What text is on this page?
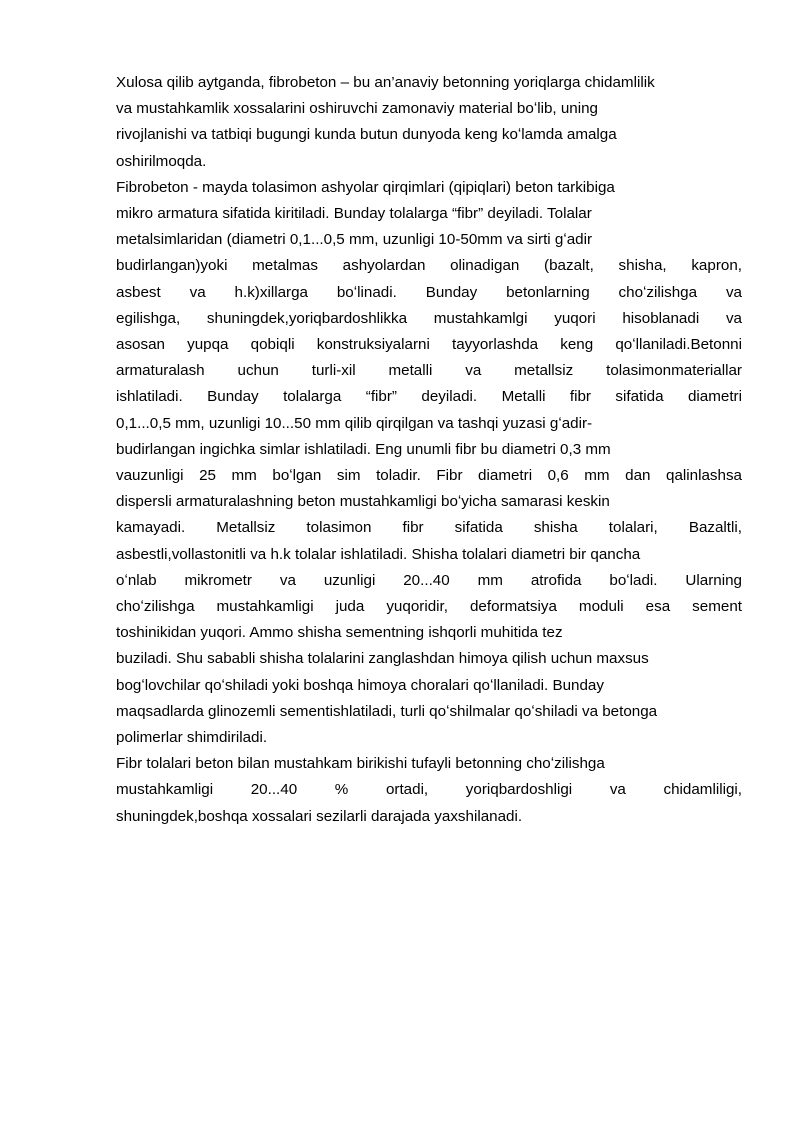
Xulosa qilib aytganda, fibrobeton – bu an’anaviy betonning yoriqlarga chidamlilik
va mustahkamlik xossalarini oshiruvchi zamonaviy material boʻlib, uning
rivojlanishi va tatbiqi bugungi kunda butun dunyoda keng koʻlamda amalga
oshirilmoqda.
Fibrobeton - mayda tolasimon ashyolar qirqimlari (qipiqlari) beton tarkibiga
mikro armatura sifatida kiritiladi. Bunday tolalarga “fibr” deyiladi. Tolalar
metalsimlaridan (diametri 0,1...0,5 mm, uzunligi 10-50mm va sirti gʻadir
budirlangan)yoki metalmas ashyolardan olinadigan (bazalt, shisha, kapron,
asbest va h.k)xillarga boʻlinadi. Bunday betonlarning choʻzilishga va
egilishga, shuningdek,yoriqbardoshlikka mustahkamlgi yuqori hisoblanadi va
asosan yupqa qobiqli konstruksiyalarni tayyorlashda keng qoʻllaniladi.Betonni
armaturalash uchun turli-xil metalli va metallsiz tolasimonmateriallar
ishlatiladi. Bunday tolalarga “fibr” deyiladi. Metalli fibr sifatida diametri
0,1...0,5 mm, uzunligi 10...50 mm qilib qirqilgan va tashqi yuzasi gʻadir-
budirlangan ingichka simlar ishlatiladi. Eng unumli fibr bu diametri 0,3 mm
vauzunligi 25 mm boʻlgan sim toladir. Fibr diametri 0,6 mm dan qalinlashsa
dispersli armaturalashning beton mustahkamligi boʻyicha samarasi keskin
kamayadi. Metallsiz tolasimon fibr sifatida shisha tolalari, Bazaltli,
asbestli,vollastonitli va h.k tolalar ishlatiladi. Shisha tolalari diametri bir qancha
oʻnlab mikrometr va uzunligi 20...40 mm atrofida boʻladi. Ularning
choʻzilishga mustahkamligi juda yuqoridir, deformatsiya moduli esa sement
toshinikidan yuqori. Ammo shisha sementning ishqorli muhitida tez
buziladi. Shu sababli shisha tolalarini zanglashdan himoya qilish uchun maxsus
bogʻlovchilar qoʻshiladi yoki boshqa himoya choralari qoʻllaniladi. Bunday
maqsadlarda glinozemli sementishlatiladi, turli qoʻshilmalar qoʻshiladi va betonga
polimerlar shimdiriladi.
Fibr tolalari beton bilan mustahkam birikishi tufayli betonning choʻzilishga
mustahkamligi 20...40 % ortadi, yoriqbardoshligi va chidamliligi,
shuningdek,boshqa xossalari sezilarli darajada yaxshilanadi.
